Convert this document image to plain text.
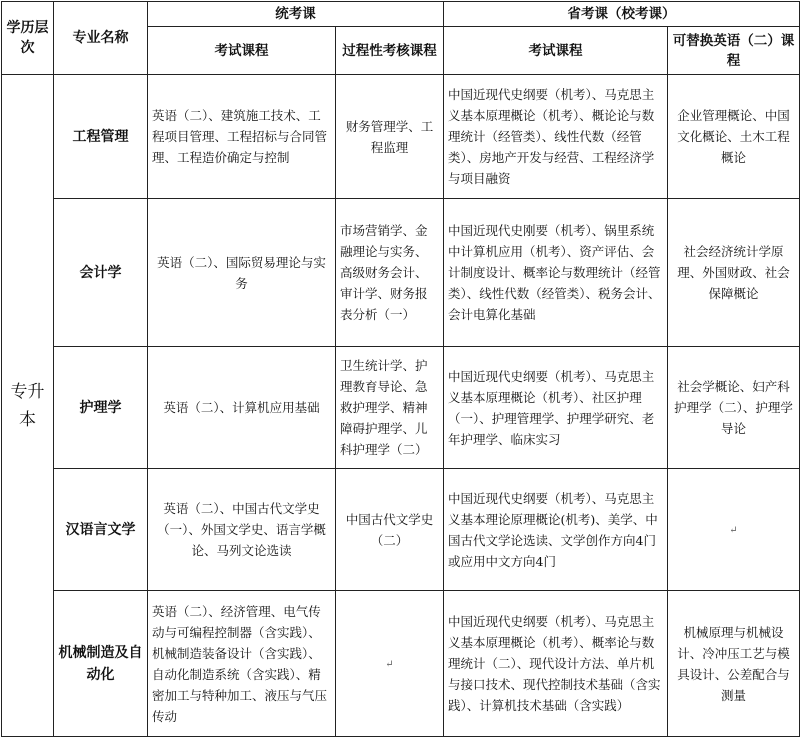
学历层次	专业名称	统考课		省考课（校考课）	
		考试课程	过程性考核课程	考试课程	可替换英语（二）课程
专升本	工程管理	英语（二）、建筑施工技术、工程项目管理、工程招标与合同管理、工程造价确定与控制	财务管理学、工程监理	中国近现代史纲要（机考）、马克思主义基本原理概论（机考）、概论论与数理统计（经管类）、线性代数（经管类）、房地产开发与经营、工程经济学与项目融资	企业管理概论、中国文化概论、土木工程概论
	会计学	英语（二）、国际贸易理论与实务	市场营销学、金融理论与实务、高级财务会计、审计学、财务报表分析（一）	中国近现代史刚要（机考）、锅里系统中计算机应用（机考）、资产评估、会计制度设计、概率论与数理统计（经管类）、线性代数（经管类）、税务会计、会计电算化基础	社会经济统计学原理、外国财政、社会保障概论
	护理学	英语（二）、计算机应用基础	卫生统计学、护理教育导论、急救护理学、精神障碍护理学、儿科护理学（二）	中国近现代史纲要（机考）、马克思主义基本原理概论（机考）、社区护理（一）、护理管理学、护理学研究、老年护理学、临床实习	社会学概论、妇产科护理学（二）、护理学导论
	汉语言文学	英语（二）、中国古代文学史（一）、外国文学史、语言学概论、马列文论选读	中国古代文学史（二）	中国近现代史纲要（机考）、马克思主义基本理论原理概论(机考)、美学、中国古代文学论选读、文学创作方向4门或应用中文方向4门	↵
	机械制造及自动化	英语（二）、经济管理、电气传动与可编程控制器（含实践）、机械制造装备设计（含实践）、自动化制造系统（含实践）、精密加工与特种加工、液压与气压传动	↵	中国近现代史纲要（机考）、马克思主义基本原理概论（机考）、概率论与数理统计（二）、现代设计方法、单片机与接口技术、现代控制技术基础（含实践）、计算机技术基础（含实践）	机械原理与机械设计、冷冲压工艺与模具设计、公差配合与测量
